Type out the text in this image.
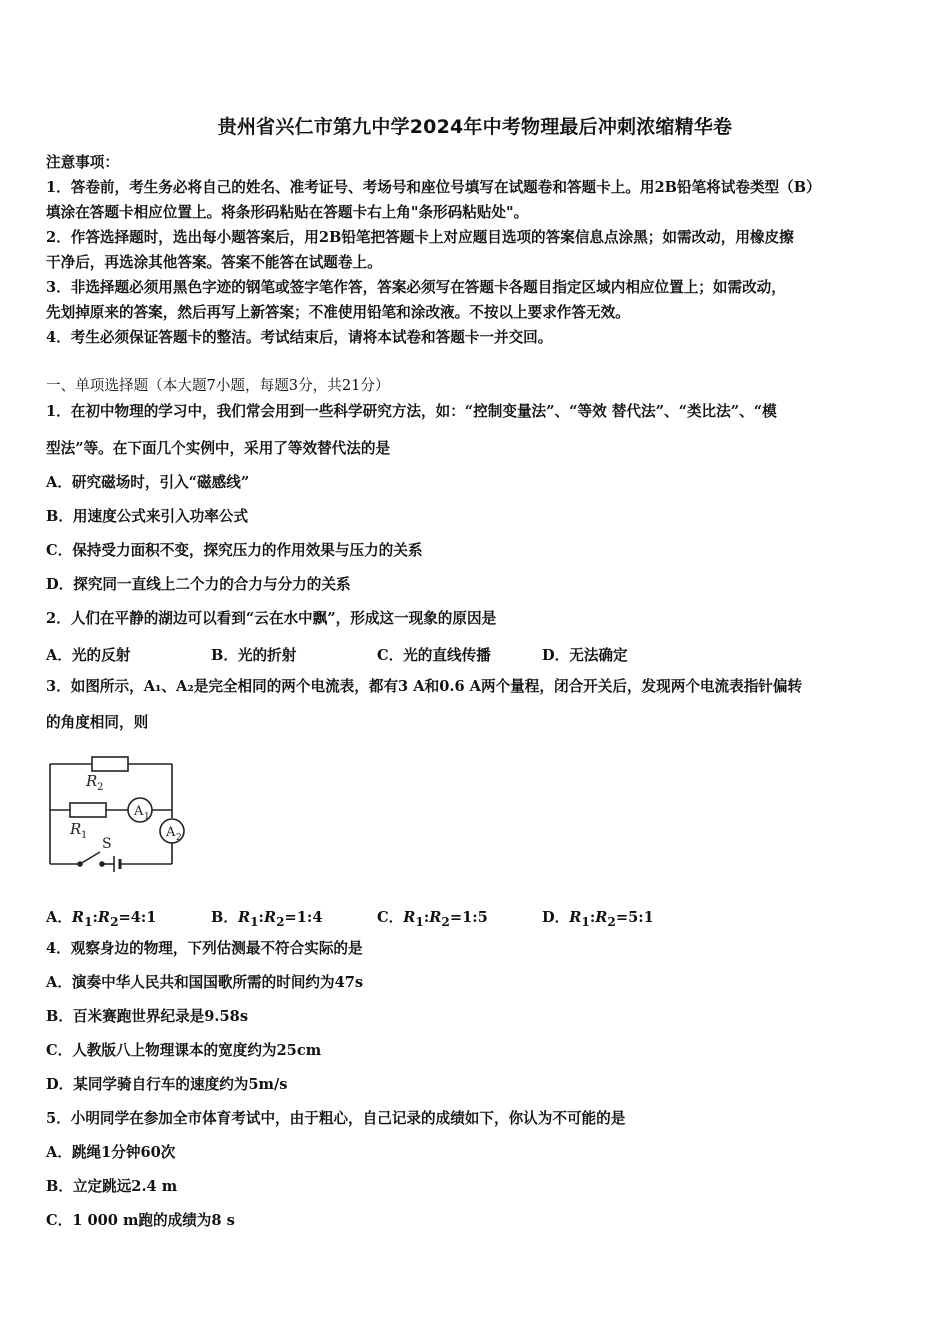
贵州省兴仁市第九中学2024年中考物理最后冲刺浓缩精华卷
注意事项：
1．答卷前，考生务必将自己的姓名、准考证号、考场号和座位号填写在试题卷和答题卡上。用2B铅笔将试卷类型（B）
填涂在答题卡相应位置上。将条形码粘贴在答题卡右上角"条形码粘贴处"。
2．作答选择题时，选出每小题答案后，用2B铅笔把答题卡上对应题目选项的答案信息点涂黑；如需改动，用橡皮擦
干净后，再选涂其他答案。答案不能答在试题卷上。
3．非选择题必须用黑色字迹的钢笔或签字笔作答，答案必须写在答题卡各题目指定区域内相应位置上；如需改动，
先划掉原来的答案，然后再写上新答案；不准使用铅笔和涂改液。不按以上要求作答无效。
4．考生必须保证答题卡的整洁。考试结束后，请将本试卷和答题卡一并交回。
一、单项选择题（本大题7小题，每题3分，共21分）
1．在初中物理的学习中，我们常会用到一些科学研究方法，如：“控制变量法”、“等效 替代法”、“类比法”、“模
型法”等。在下面几个实例中，采用了等效替代法的是
A．研究磁场时，引入“磁感线”
B．用速度公式来引入功率公式
C．保持受力面积不变，探究压力的作用效果与压力的关系
D．探究同一直线上二个力的合力与分力的关系
2．人们在平静的湖边可以看到“云在水中飘”，形成这一现象的原因是
A．光的反射	B．光的折射	C．光的直线传播	D．无法确定
3．如图所示，A₁、A₂是完全相同的两个电流表，都有3 A和0.6 A两个量程，闭合开关后，发现两个电流表指针偏转
的角度相同，则
R 2
R 1
A 1
A 2
S
A．$R_1:R_2=4:1$	B．$R_1:R_2=1:4$	C．$R_1:R_2=1:5$	D．$R_1:R_2=5:1$
4．观察身边的物理，下列估测最不符合实际的是
A．演奏中华人民共和国国歌所需的时间约为47s
B．百米赛跑世界纪录是9.58s
C．人教版八上物理课本的宽度约为25cm
D．某同学骑自行车的速度约为5m/s
5．小明同学在参加全市体育考试中，由于粗心，自己记录的成绩如下，你认为不可能的是
A．跳绳1分钟60次
B．立定跳远2.4 m
C．1 000 m跑的成绩为8 s
